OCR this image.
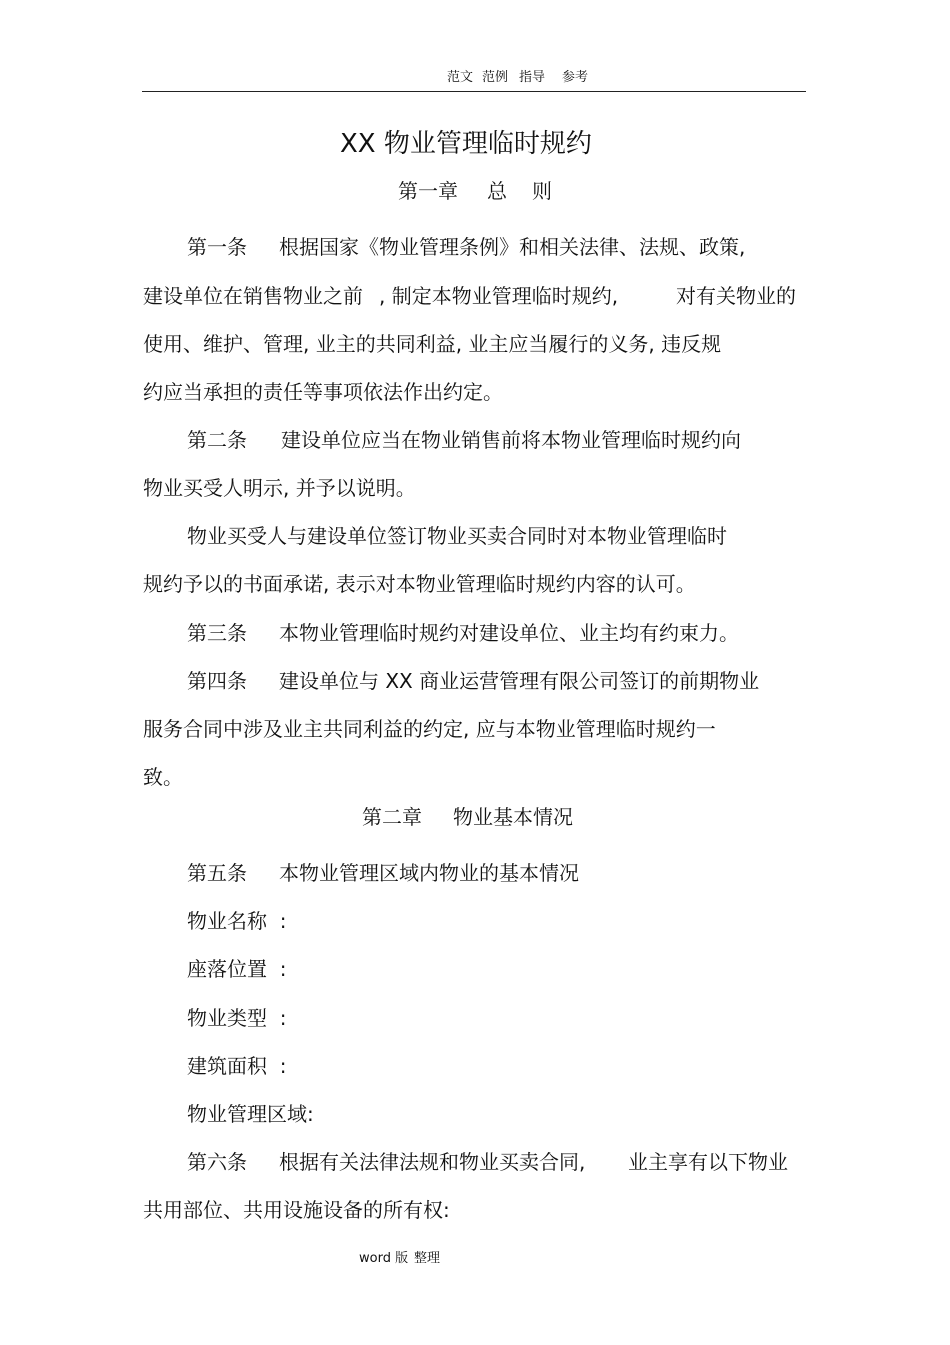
范文 范例 指导 参考
XX 物业管理临时规约
第一章 总 则
第一条 根据国家《物业管理条例》和相关法律、法规、政策,
建设单位在销售物业之前 , 制定本物业管理临时规约,	对有关物业的
使用、维护、管理, 业主的共同利益, 业主应当履行的义务, 违反规
约应当承担的责任等事项依法作出约定。
第二条 建设单位应当在物业销售前将本物业管理临时规约向
物业买受人明示, 并予以说明。
物业买受人与建设单位签订物业买卖合同时对本物业管理临时
规约予以的书面承诺, 表示对本物业管理临时规约内容的认可。
第三条 本物业管理临时规约对建设单位、业主均有约束力。
第四条 建设单位与 XX 商业运营管理有限公司签订的前期物业
服务合同中涉及业主共同利益的约定, 应与本物业管理临时规约一
致。
第二章 物业基本情况
第五条 本物业管理区域内物业的基本情况
物业名称  :
座落位置  :
物业类型  :
建筑面积  :
物业管理区域:
第六条 根据有关法律法规和物业买卖合同, 业主享有以下物业
共用部位、共用设施设备的所有权:
word 版 整理
